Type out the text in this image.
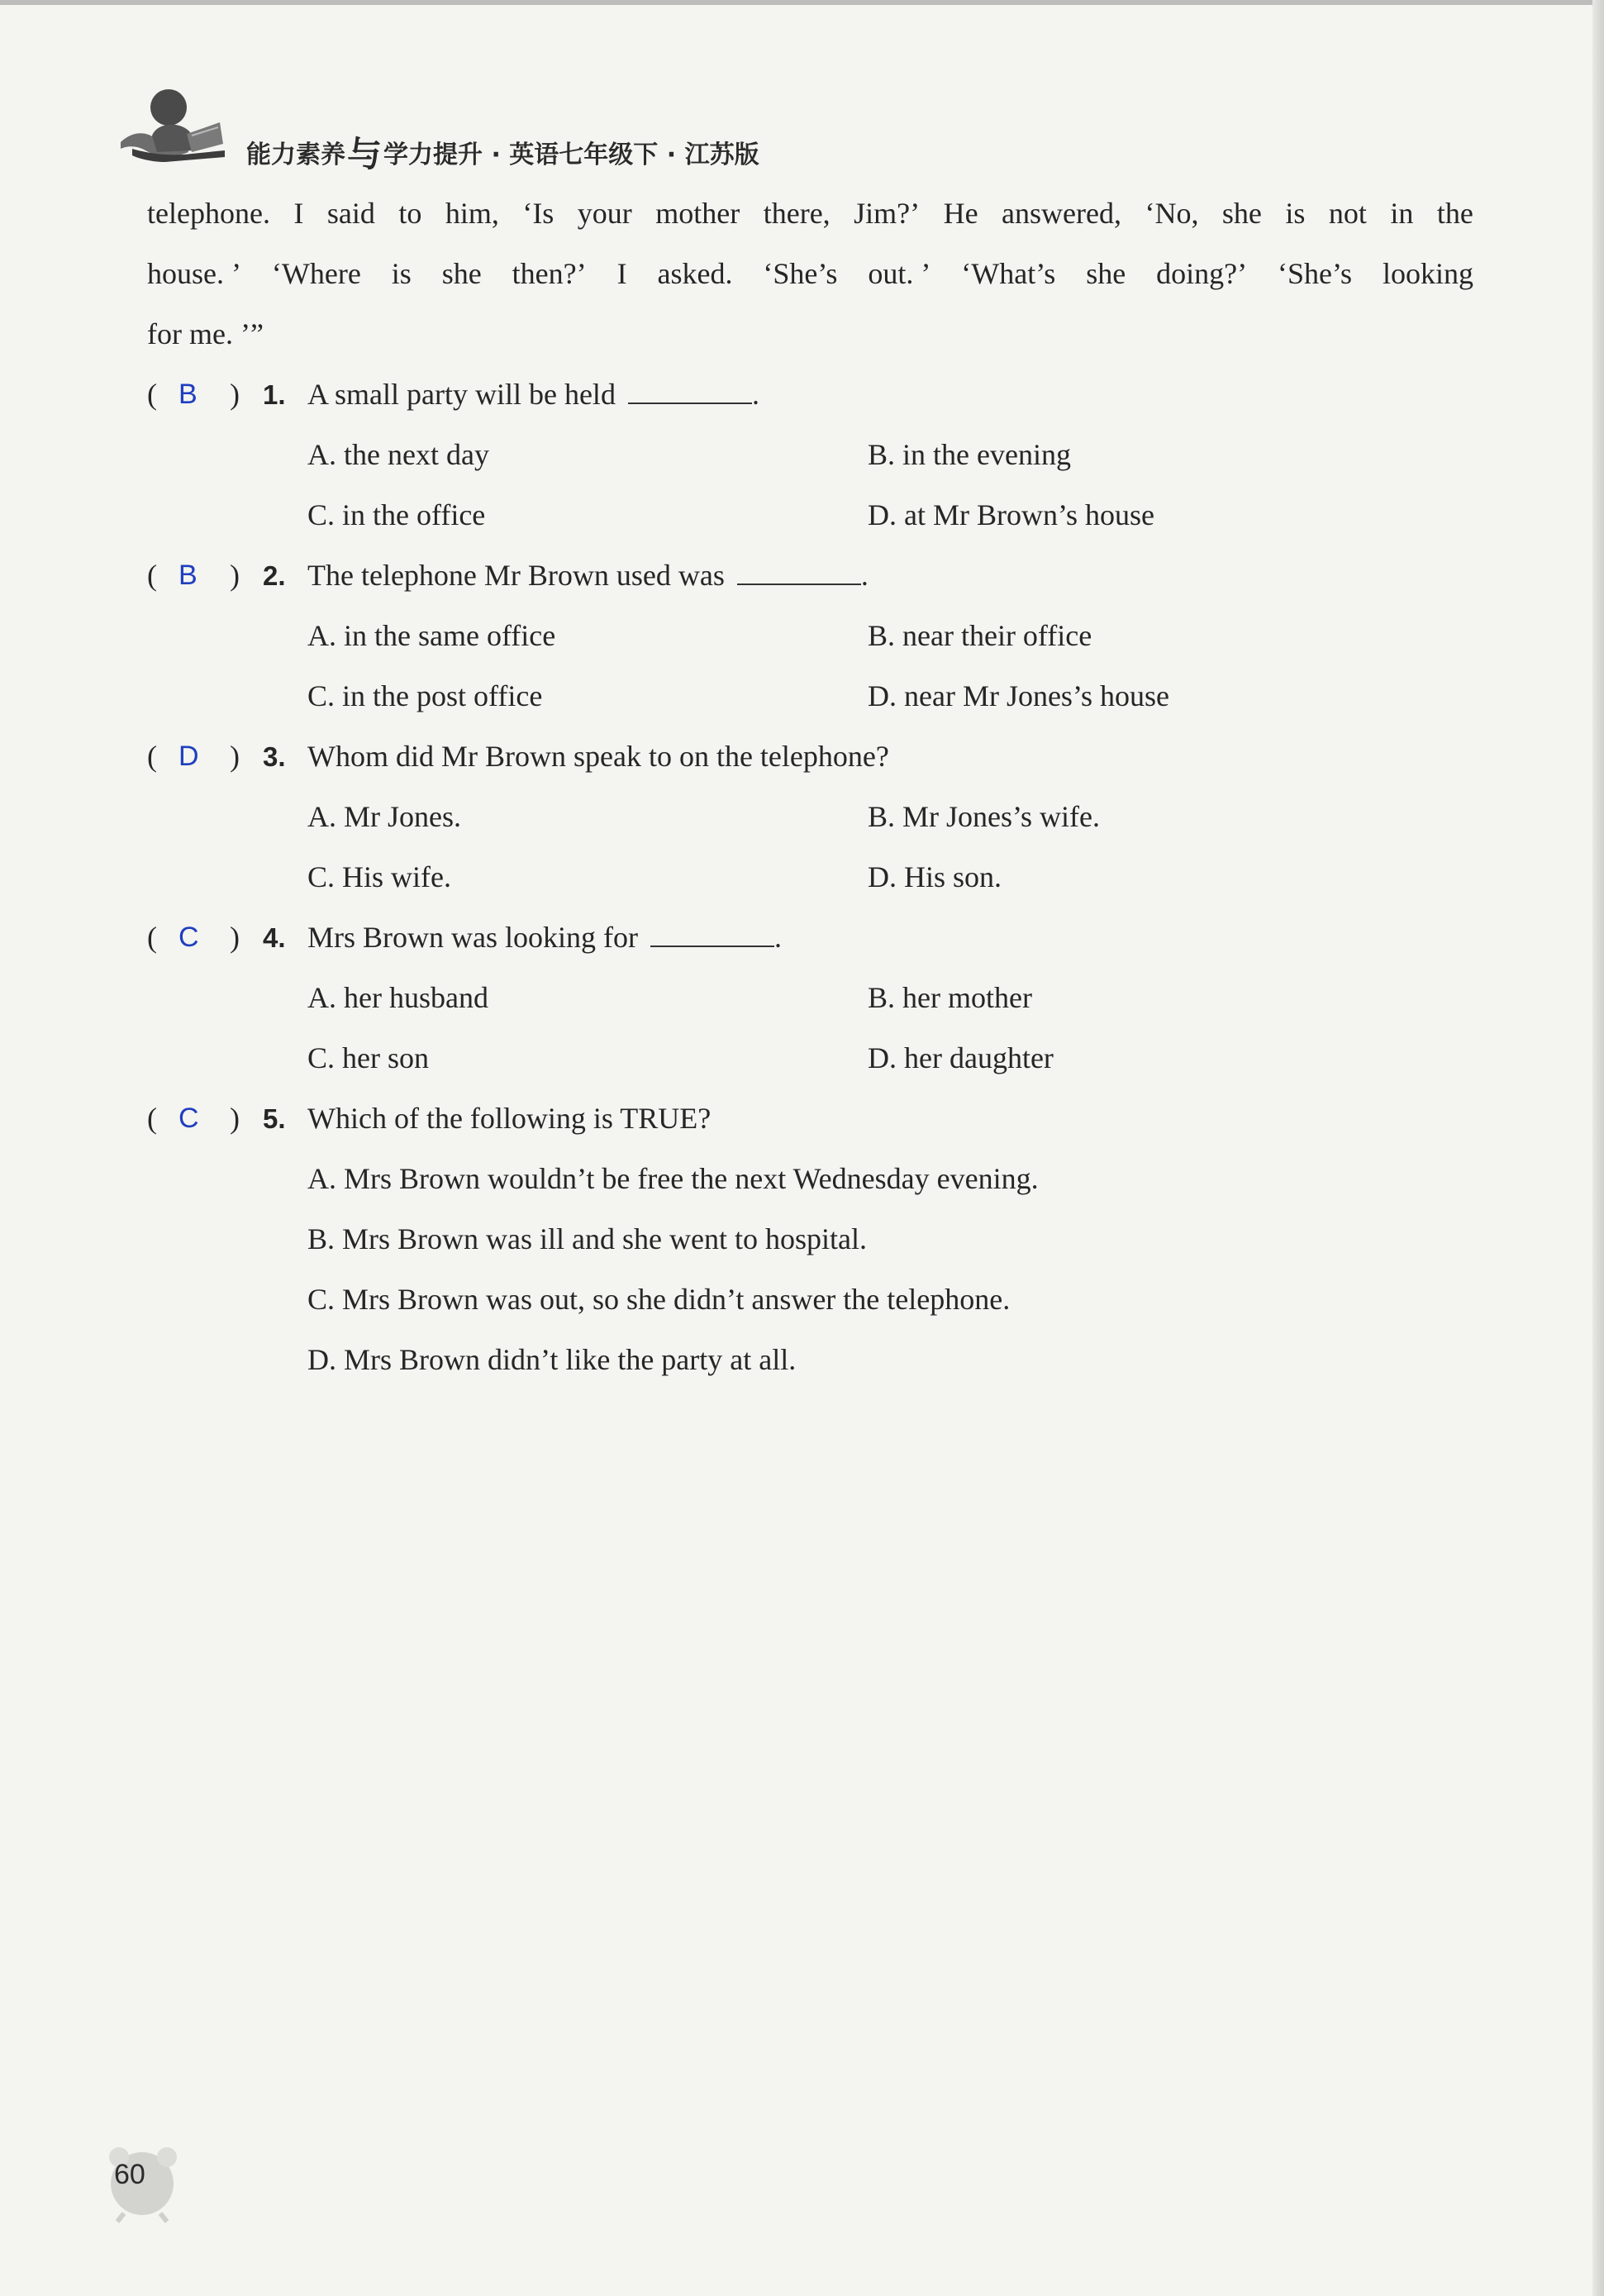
能力素养与学力提升 · 英语七年级下 · 江苏版
telephone. I said to him, ‘Is your mother there, Jim?’ He answered, ‘No, she is not in the
house. ’ ‘Where is she then?’ I asked. ‘She’s out. ’ ‘What’s she doing?’ ‘She’s looking
for me. ’”
( B ) 1. A small party will be held	.
A. the next day	B. in the evening
C. in the office	D. at Mr Brown’s house
( B ) 2. The telephone Mr Brown used was	.
A. in the same office	B. near their office
C. in the post office	D. near Mr Jones’s house
( D ) 3. Whom did Mr Brown speak to on the telephone?
A. Mr Jones.	B. Mr Jones’s wife.
C. His wife.	D. His son.
( C ) 4. Mrs Brown was looking for	.
A. her husband	B. her mother
C. her son	D. her daughter
( C ) 5. Which of the following is TRUE?
A. Mrs Brown wouldn’t be free the next Wednesday evening.
B. Mrs Brown was ill and she went to hospital.
C. Mrs Brown was out, so she didn’t answer the telephone.
D. Mrs Brown didn’t like the party at all.
60
